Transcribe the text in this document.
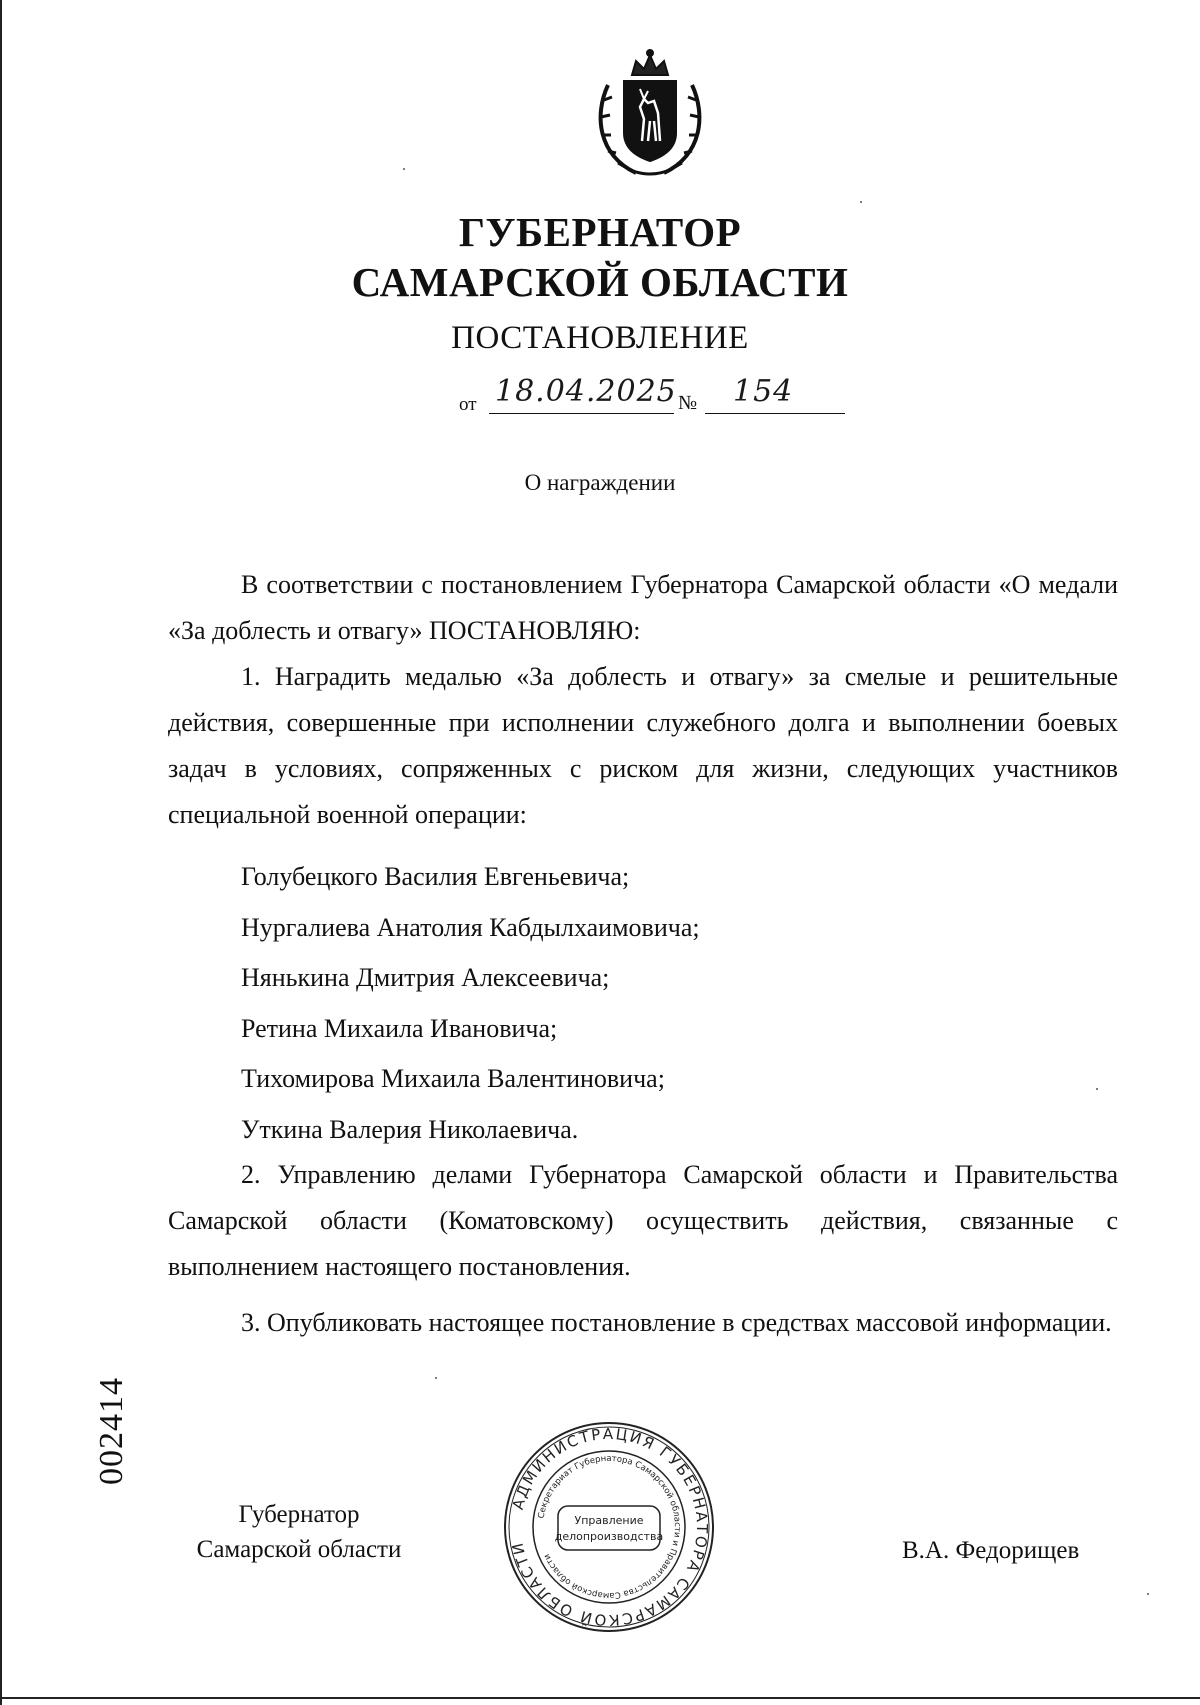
ГУБЕРНАТОР
САМАРСКОЙ ОБЛАСТИ
ПОСТАНОВЛЕНИЕ
от 18.04.2025 № 154
О награждении

В соответствии с постановлением Губернатора Самарской области «О медали «За доблесть и отвагу» ПОСТАНОВЛЯЮ:

1. Наградить медалью «За доблесть и отвагу» за смелые и решительные действия, совершенные при исполнении служебного долга и выполнении боевых задач в условиях, сопряженных с риском для жизни, следующих участников специальной военной операции:

Голубецкого Василия Евгеньевича;
Нургалиева Анатолия Кабдылхаимовича;
Нянькина Дмитрия Алексеевича;
Ретина Михаила Ивановича;
Тихомирова Михаила Валентиновича;
Уткина Валерия Николаевича.

2. Управлению делами Губернатора Самарской области и Правительства Самарской области (Коматовскому) осуществить действия, связанные с выполнением настоящего постановления.

3. Опубликовать настоящее постановление в средствах массовой информации.

002414
Губернатор
Самарской области
АДМИНИСТРАЦИЯ ГУБЕРНАТОРА САМАРСКОЙ ОБЛАСТИ
Секретариат Губернатора Самарской области и Правительства Самарской области
Управление
делопроизводства
В.А. Федорищев
